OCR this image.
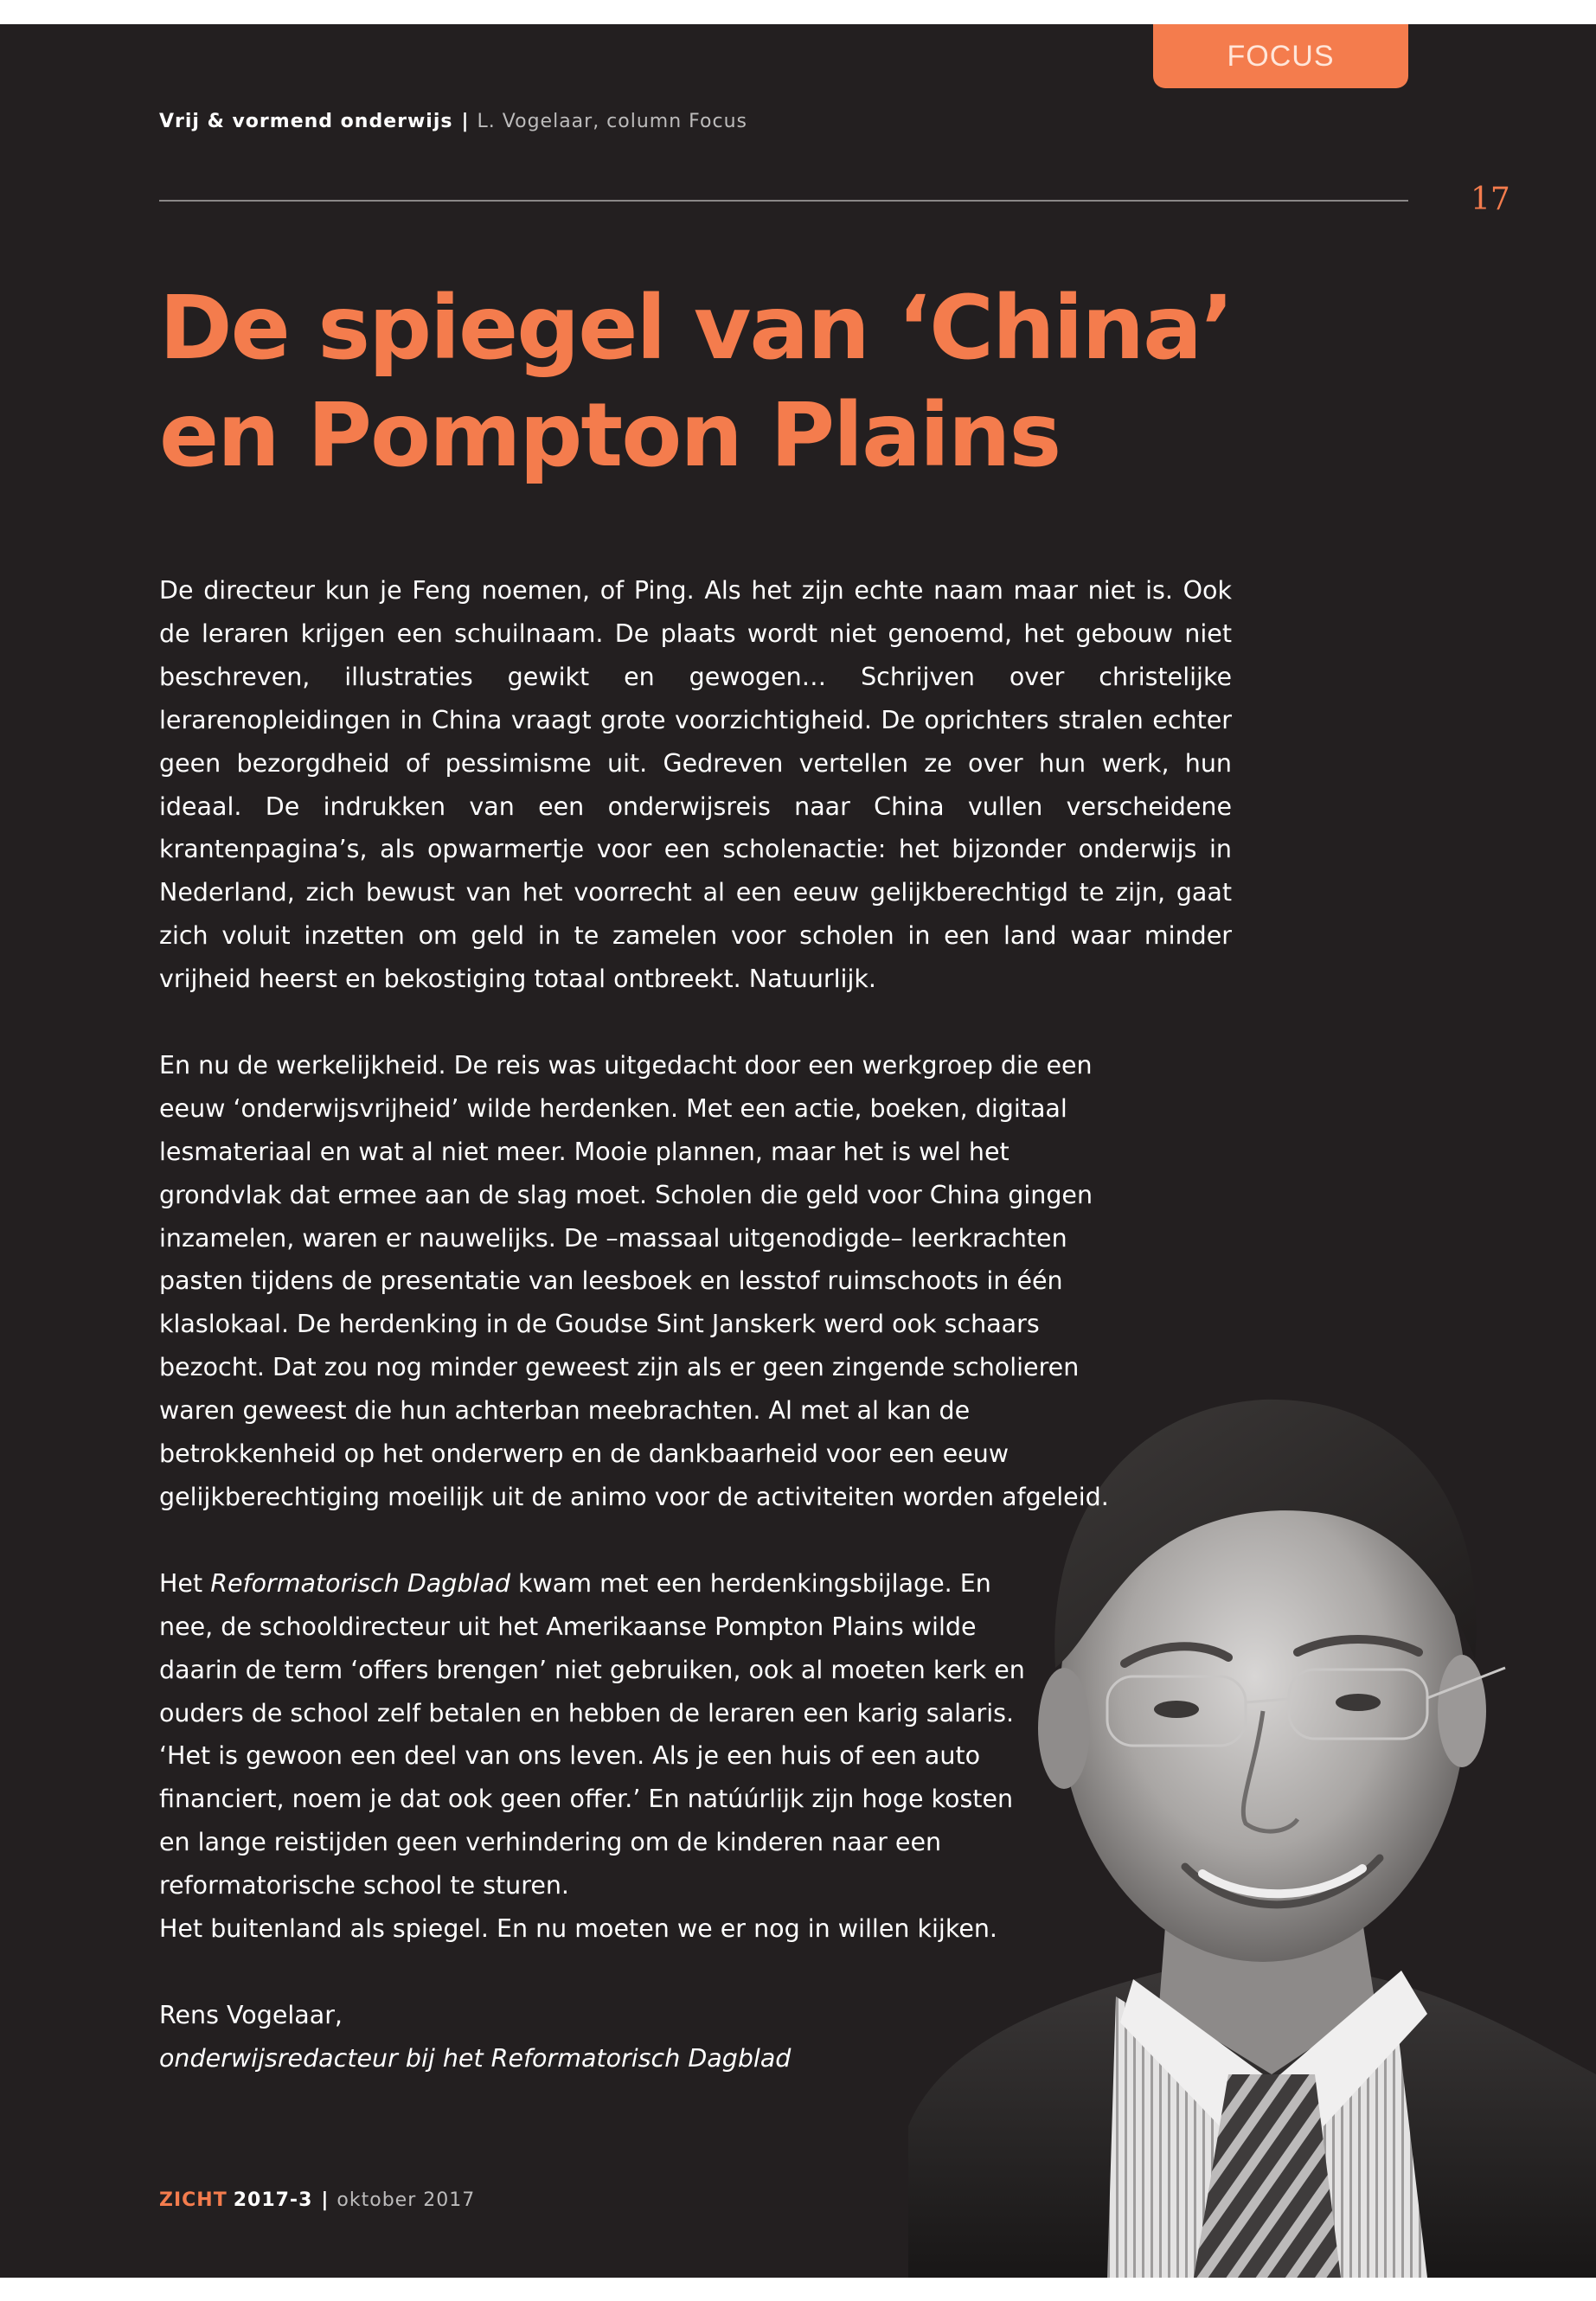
FOCUS
Vrij & vormend onderwijs | L. Vogelaar, column Focus
17
De spiegel van ‘China’
en Pompton Plains

De directeur kun je Feng noemen, of Ping. Als het zijn echte naam maar niet is. Ook de leraren krijgen een schuilnaam. De plaats wordt niet genoemd, het gebouw niet beschreven, illustraties gewikt en gewogen… Schrijven over christelijke lerarenopleidingen in China vraagt grote voorzichtigheid. De oprichters stralen echter geen bezorgdheid of pessimisme uit. Gedreven vertellen ze over hun werk, hun ideaal. De indrukken van een onderwijsreis naar China vullen verscheidene krantenpagina’s, als opwarmertje voor een scholenactie: het bijzonder onderwijs in Nederland, zich bewust van het voorrecht al een eeuw gelijkberechtigd te zijn, gaat zich voluit inzetten om geld in te zamelen voor scholen in een land waar minder vrijheid heerst en bekostiging totaal ontbreekt. Natuurlijk.

En nu de werkelijkheid. De reis was uitgedacht door een werkgroep die een eeuw ‘onderwijsvrijheid’ wilde herdenken. Met een actie, boeken, digitaal lesmateriaal en wat al niet meer. Mooie plannen, maar het is wel het grondvlak dat ermee aan de slag moet. Scholen die geld voor China gingen inzamelen, waren er nauwelijks. De –massaal uitgenodigde– leerkrachten pasten tijdens de presentatie van leesboek en lesstof ruimschoots in één klaslokaal. De herdenking in de Goudse Sint Janskerk werd ook schaars bezocht. Dat zou nog minder geweest zijn als er geen zingende scholieren waren geweest die hun achterban meebrachten. Al met al kan de betrokkenheid op het onderwerp en de dankbaarheid voor een eeuw gelijkberechtiging moeilijk uit de animo voor de activiteiten worden afgeleid.

Het Reformatorisch Dagblad kwam met een herdenkingsbijlage. En nee, de schooldirecteur uit het Amerikaanse Pompton Plains wilde daarin de term ‘offers brengen’ niet gebruiken, ook al moeten kerk en ouders de school zelf betalen en hebben de leraren een karig salaris. ‘Het is gewoon een deel van ons leven. Als je een huis of een auto financiert, noem je dat ook geen offer.’ En natúúrlijk zijn hoge kosten en lange reistijden geen verhindering om de kinderen naar een reformatorische school te sturen.

Het buitenland als spiegel. En nu moeten we er nog in willen kijken.

Rens Vogelaar,

onderwijsredacteur bij het Reformatorisch Dagblad

ZICHT 2017-3 | oktober 2017
